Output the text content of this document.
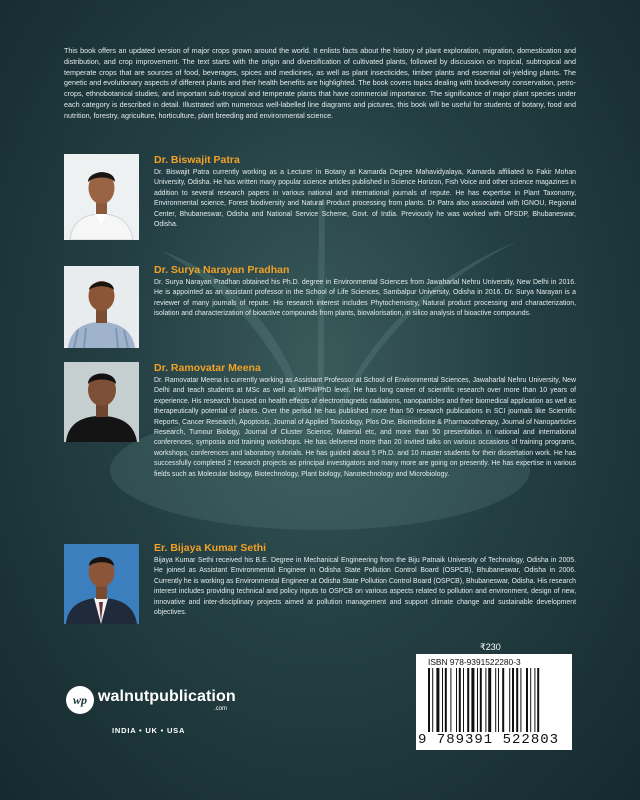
This book offers an updated version of major crops grown around the world. It enlists facts about the history of plant exploration, migration, domestication and distribution, and crop improvement. The text starts with the origin and diversification of cultivated plants, followed by discussion on tropical, subtropical and temperate crops that are sources of food, beverages, spices and medicines, as well as plant insecticides, timber plants and essential oil-yielding plants. The genetic and evolutionary aspects of different plants and their health benefits are highlighted. The book covers topics dealing with biodiversity conservation, petro-crops, ethnobotanical studies, and important sub-tropical and temperate plants that have commercial importance. The significance of major plant species under each category is described in detail. Illustrated with numerous well-labelled line diagrams and pictures, this book will be useful for students of botany, food and nutrition, forestry, agriculture, horticulture, plant breeding and environmental science.
Dr. Biswajit Patra
Dr. Biswajit Patra currently working as a Lecturer in Botany at Kamarda Degree Mahavidyalaya, Kamarda affiliated to Fakir Mohan University, Odisha. He has written many popular science articles published in Science Horizon, Fish Voice and other science magazines in addition to several research papers in various national and international journals of repute. He has expertise in Plant Taxonomy, Environmental science, Forest biodiversity and Natural Product processing from plants. Dr Patra also associated with IGNOU, Regional Center, Bhubaneswar, Odisha and National Service Scheme, Govt. of India. Previously he was worked with OFSDP, Bhubaneswar, Odisha.
Dr. Surya Narayan Pradhan
Dr. Surya Narayan Pradhan obtained his Ph.D. degree in Environmental Sciences from Jawaharlal Nehru University, New Delhi in 2016. He is appointed as an assistant professor in the School of Life Sciences, Sambalpur University, Odisha in 2016. Dr. Surya Narayan is a reviewer of many journals of repute. His research interest includes Phytochemistry, Natural product processing and characterization, isolation and characterization of bioactive compounds from plants, biovalorisation, in silico analysis of bioactive compounds.
Dr. Ramovatar Meena
Dr. Ramovatar Meena is currently working as Assistant Professor at School of Environmental Sciences, Jawaharlal Nehru University, New Delhi and teach students at MSc as well as MPhil/PhD level. He has long career of scientific research over more than 10 years of experience. His research focused on health effects of electromagnetic radiations, nanoparticles and their biomedical application as well as therapeutically potential of plants. Over the period he has published more than 50 research publications in SCI journals like Scientific Reports, Cancer Research, Apoptosis, Journal of Applied Toxicology, Plos One, Biomedicine & Pharmacotherapy, Journal of Nanoparticles Research, Tumour Biology, Journal of Cluster Science, Material etc, and more than 50 presentation in national and international conferences, symposia and training workshops. He has delivered more than 20 invited talks on various occasions of training programs, workshops, conferences and laboratory tutorials. He has guided about 5 Ph.D. and 10 master students for their dissertation work. He has successfully completed 2 research projects as principal investigators and many more are going on presently. He has expertise in various fields such as Molecular biology, Biotechnology, Plant biology, Nanotechnology and Microbiology.
Er. Bijaya Kumar Sethi
Bijaya Kumar Sethi received his B.E. Degree in Mechanical Engineering from the Biju Patnaik University of Technology, Odisha in 2005. He joined as Assistant Environmental Engineer in Odisha State Pollution Control Board (OSPCB), Bhubaneswar, Odisha in 2006. Currently he is working as Environmental Engineer at Odisha State Pollution Control Board (OSPCB), Bhubaneswar, Odisha. His research interest includes providing technical and policy inputs to OSPCB on various aspects related to pollution and environment, design of new, innovative and inter-disciplinary projects aimed at pollution management and support climate change and sustainable development objectives.
wp walnutpublication
.com
INDIA • UK • USA
₹230
ISBN 978-9391522280-3
9 789391 522803
